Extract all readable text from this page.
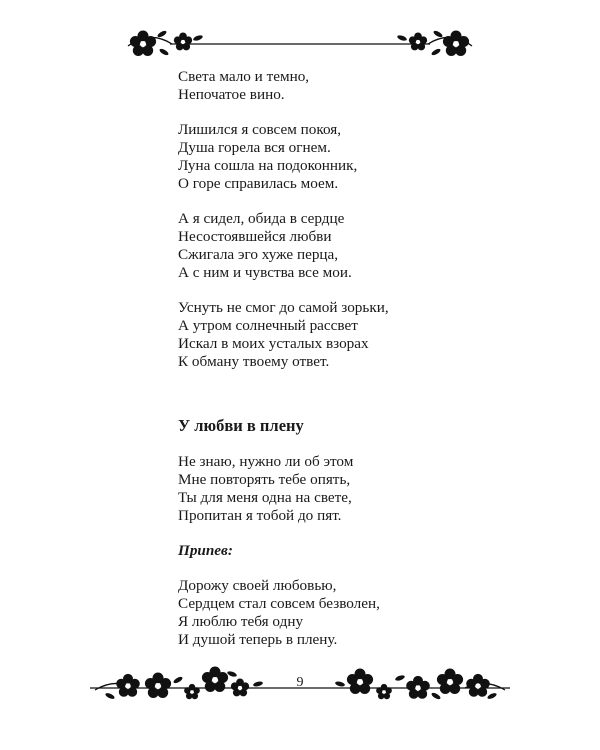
Света мало и темно,
Непочатое вино.
Лишился я совсем покоя,
Душа горела вся огнем.
Луна сошла на подоконник,
О горе справилась моем.
А я сидел, обида в сердце
Несостоявшейся любви
Сжигала эго хуже перца,
А с ним и чувства все мои.
Уснуть не смог до самой зорьки,
А утром солнечный рассвет
Искал в моих усталых взорах
К обману твоему ответ.
У любви в плену
Не знаю, нужно ли об этом
Мне повторять тебе опять,
Ты для меня одна на свете,
Пропитан я тобой до пят.
Припев:
Дорожу своей любовью,
Сердцем стал совсем безволен,
Я люблю тебя одну
И душой теперь в плену.
9
